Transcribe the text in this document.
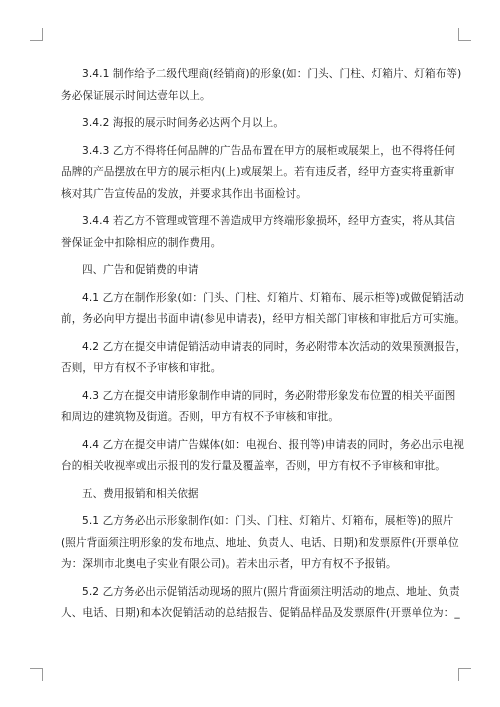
3.4.1 制作给予二级代理商(经销商)的形象(如：门头、门柱、灯箱片、灯箱布等)
务必保证展示时间达壹年以上。
3.4.2 海报的展示时间务必达两个月以上。
3.4.3 乙方不得将任何品牌的广告品布置在甲方的展柜或展架上，也不得将任何
品牌的产品摆放在甲方的展示柜内(上)或展架上。若有违反者，经甲方查实将重新审
核对其广告宣传品的发放，并要求其作出书面检讨。
3.4.4 若乙方不管理或管理不善造成甲方终端形象损坏，经甲方查实，将从其信
誉保证金中扣除相应的制作费用。
四、广告和促销费的申请
4.1 乙方在制作形象(如：门头、门柱、灯箱片、灯箱布、展示柜等)或做促销活动
前，务必向甲方提出书面申请(参见申请表)，经甲方相关部门审核和审批后方可实施。
4.2 乙方在提交申请促销活动申请表的同时，务必附带本次活动的效果预测报告，
否则，甲方有权不予审核和审批。
4.3 乙方在提交申请形象制作申请的同时，务必附带形象发布位置的相关平面图
和周边的建筑物及街道。否则，甲方有权不予审核和审批。
4.4 乙方在提交申请广告媒体(如：电视台、报刊等)申请表的同时，务必出示电视
台的相关收视率或出示报刊的发行量及覆盖率，否则，甲方有权不予审核和审批。
五、费用报销和相关依据
5.1 乙方务必出示形象制作(如：门头、门柱、灯箱片、灯箱布，展柜等)的照片
(照片背面须注明形象的发布地点、地址、负责人、电话、日期)和发票原件(开票单位
为：深圳市北奥电子实业有限公司)。若未出示者，甲方有权不予报销。
5.2 乙方务必出示促销活动现场的照片(照片背面须注明活动的地点、地址、负责
人、电话、日期)和本次促销活动的总结报告、促销品样品及发票原件(开票单位为：_
